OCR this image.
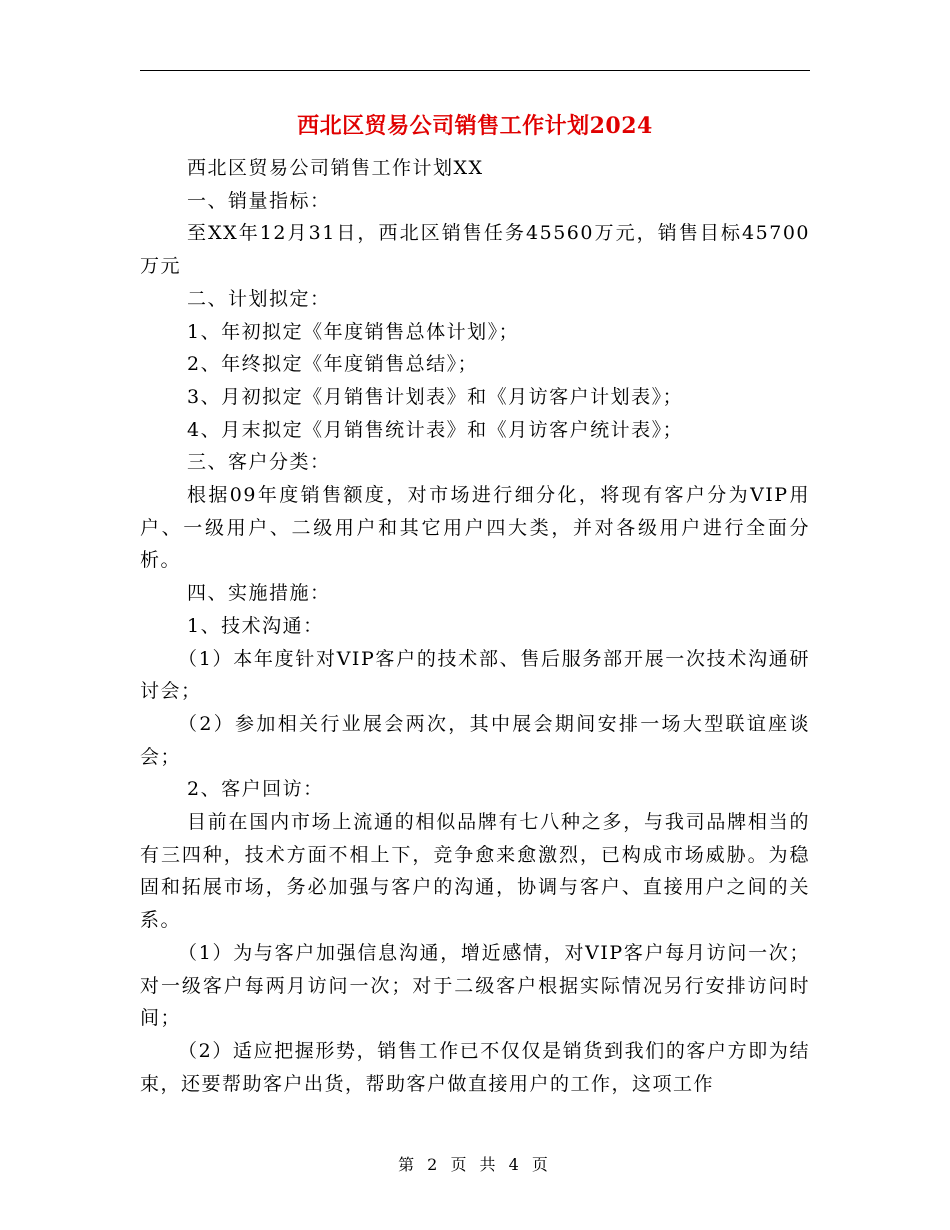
西北区贸易公司销售工作计划2024

西北区贸易公司销售工作计划XX

一、销量指标：

至XX年12月31日，西北区销售任务45560万元，销售目标45700万元

二、计划拟定：

1、年初拟定《年度销售总体计划》；

2、年终拟定《年度销售总结》；

3、月初拟定《月销售计划表》和《月访客户计划表》；

4、月末拟定《月销售统计表》和《月访客户统计表》；

三、客户分类：

根据09年度销售额度，对市场进行细分化，将现有客户分为VIP用户、一级用户、二级用户和其它用户四大类，并对各级用户进行全面分析。

四、实施措施：

1、技术沟通：

（1）本年度针对VIP客户的技术部、售后服务部开展一次技术沟通研讨会；

（2）参加相关行业展会两次，其中展会期间安排一场大型联谊座谈会；

2、客户回访：

目前在国内市场上流通的相似品牌有七八种之多，与我司品牌相当的有三四种，技术方面不相上下，竞争愈来愈激烈，已构成市场威胁。为稳固和拓展市场，务必加强与客户的沟通，协调与客户、直接用户之间的关系。

（1）为与客户加强信息沟通，增近感情，对VIP客户每月访问一次；对一级客户每两月访问一次；对于二级客户根据实际情况另行安排访问时间；

（2）适应把握形势，销售工作已不仅仅是销货到我们的客户方即为结束，还要帮助客户出货，帮助客户做直接用户的工作，这项工作

第 2 页 共 4 页
